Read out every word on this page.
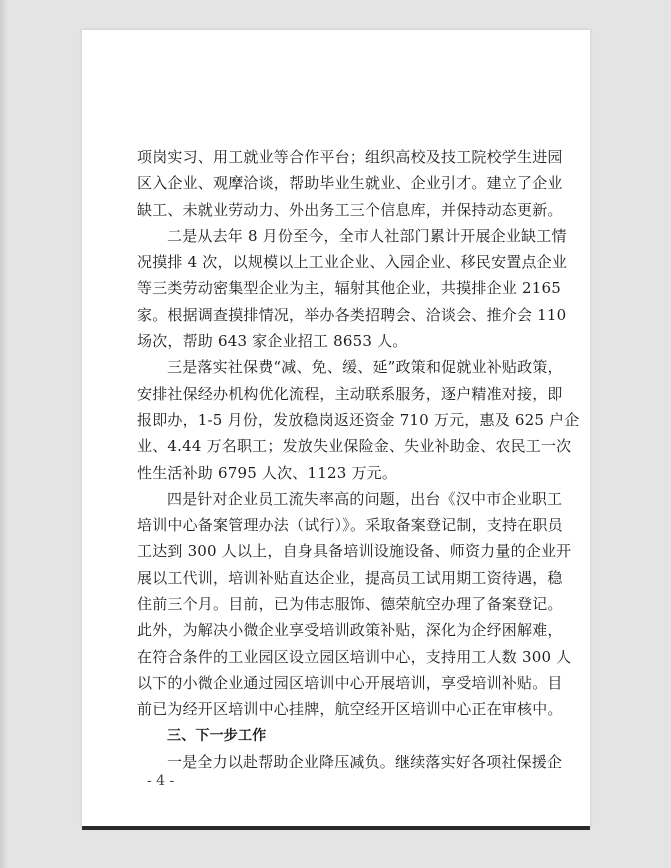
项岗实习、用工就业等合作平台；组织高校及技工院校学生进园
区入企业、观摩洽谈，帮助毕业生就业、企业引才。建立了企业
缺工、未就业劳动力、外出务工三个信息库，并保持动态更新。
二是从去年 8 月份至今，全市人社部门累计开展企业缺工情
况摸排 4 次，以规模以上工业企业、入园企业、移民安置点企业
等三类劳动密集型企业为主，辐射其他企业，共摸排企业 2165
家。根据调查摸排情况，举办各类招聘会、洽谈会、推介会 110
场次，帮助 643 家企业招工 8653 人。
三是落实社保费“减、免、缓、延”政策和促就业补贴政策，
安排社保经办机构优化流程，主动联系服务，逐户精准对接，即
报即办，1-5 月份，发放稳岗返还资金 710 万元，惠及 625 户企
业、4.44 万名职工；发放失业保险金、失业补助金、农民工一次
性生活补助 6795 人次、1123 万元。
四是针对企业员工流失率高的问题，出台《汉中市企业职工
培训中心备案管理办法（试行）》。采取备案登记制，支持在职员
工达到 300 人以上，自身具备培训设施设备、师资力量的企业开
展以工代训，培训补贴直达企业，提高员工试用期工资待遇，稳
住前三个月。目前，已为伟志服饰、德荣航空办理了备案登记。
此外，为解决小微企业享受培训政策补贴，深化为企纾困解难，
在符合条件的工业园区设立园区培训中心，支持用工人数 300 人
以下的小微企业通过园区培训中心开展培训，享受培训补贴。目
前已为经开区培训中心挂牌，航空经开区培训中心正在审核中。
三、下一步工作
一是全力以赴帮助企业降压减负。继续落实好各项社保援企
- 4 -
